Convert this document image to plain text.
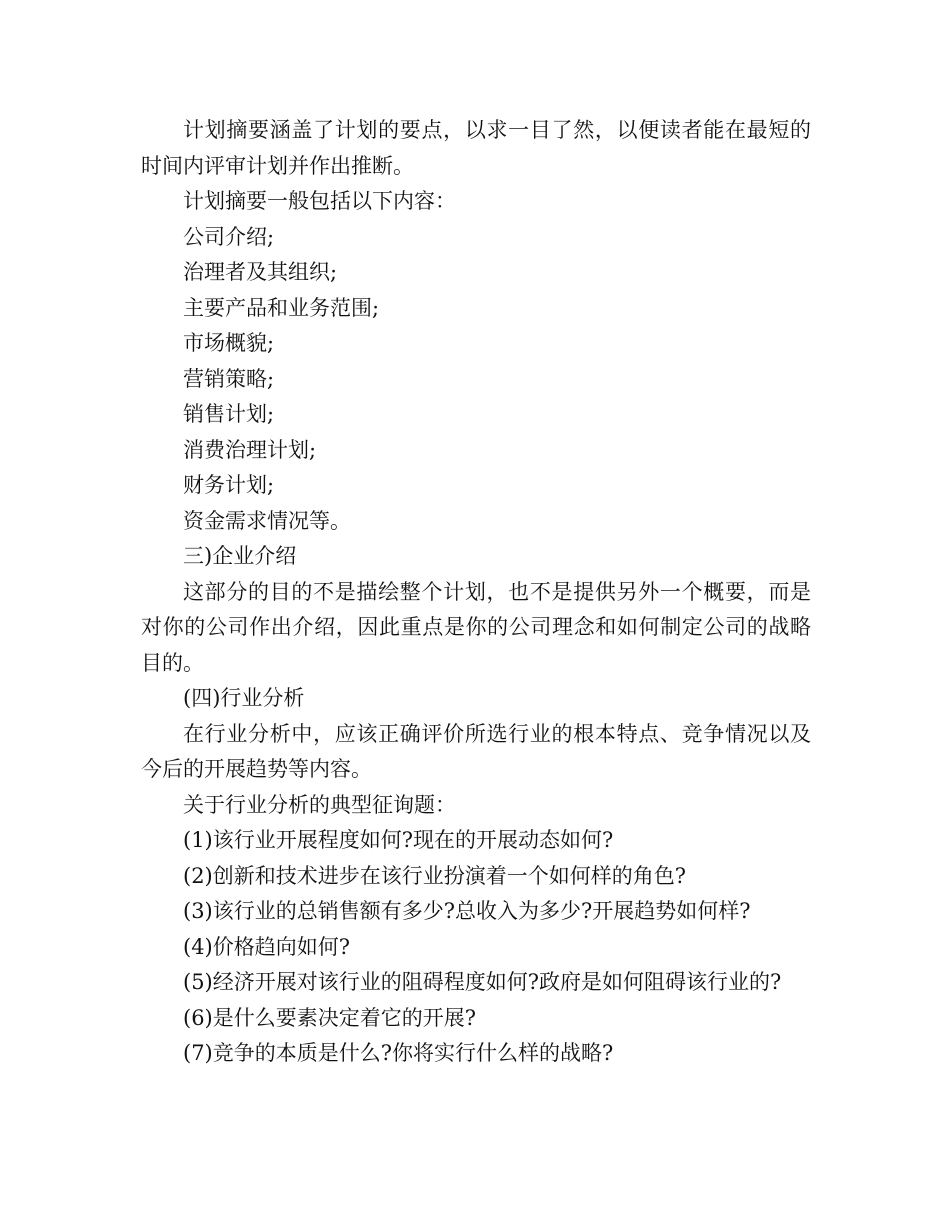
计划摘要涵盖了计划的要点，以求一目了然，以便读者能在最短的时间内评审计划并作出推断。

计划摘要一般包括以下内容：

公司介绍;

治理者及其组织;

主要产品和业务范围;

市场概貌;

营销策略;

销售计划;

消费治理计划;

财务计划;

资金需求情况等。

三)企业介绍

这部分的目的不是描绘整个计划，也不是提供另外一个概要，而是对你的公司作出介绍，因此重点是你的公司理念和如何制定公司的战略目的。

(四)行业分析

在行业分析中，应该正确评价所选行业的根本特点、竞争情况以及今后的开展趋势等内容。

关于行业分析的典型征询题：

(1)该行业开展程度如何?现在的开展动态如何?

(2)创新和技术进步在该行业扮演着一个如何样的角色?

(3)该行业的总销售额有多少?总收入为多少?开展趋势如何样?

(4)价格趋向如何?

(5)经济开展对该行业的阻碍程度如何?政府是如何阻碍该行业的?

(6)是什么要素决定着它的开展?

(7)竞争的本质是什么?你将实行什么样的战略?
